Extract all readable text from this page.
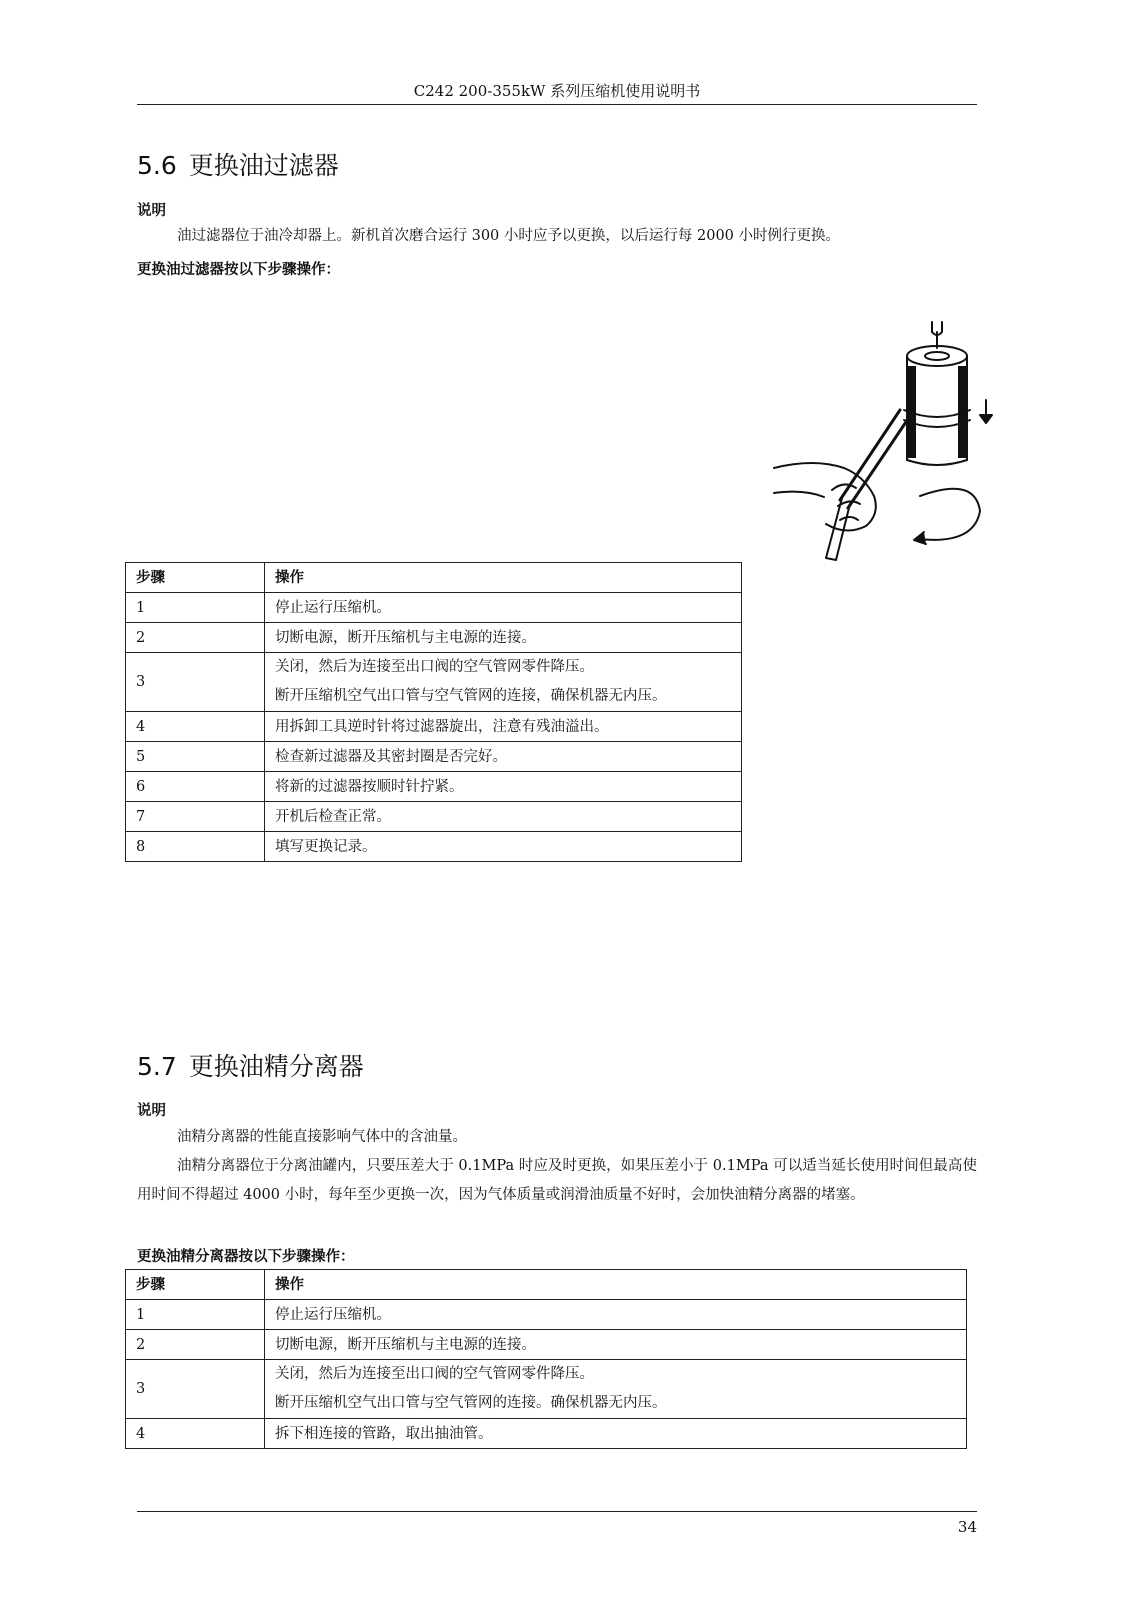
C242 200-355kW 系列压缩机使用说明书
5.6 更换油过滤器
说明
油过滤器位于油冷却器上。新机首次磨合运行 300 小时应予以更换，以后运行每 2000 小时例行更换。
更换油过滤器按以下步骤操作：
步骤	操作
1	停止运行压缩机。
2	切断电源，断开压缩机与主电源的连接。
3	关闭，然后为连接至出口阀的空气管网零件降压。
断开压缩机空气出口管与空气管网的连接，确保机器无内压。

4	用拆卸工具逆时针将过滤器旋出，注意有残油溢出。
5	检查新过滤器及其密封圈是否完好。
6	将新的过滤器按顺时针拧紧。
7	开机后检查正常。
8	填写更换记录。
5.7 更换油精分离器
说明
油精分离器的性能直接影响气体中的含油量。
油精分离器位于分离油罐内，只要压差大于 0.1MPa 时应及时更换，如果压差小于 0.1MPa 可以适当延长使用时间但最高使用时间不得超过 4000 小时，每年至少更换一次，因为气体质量或润滑油质量不好时，会加快油精分离器的堵塞。
更换油精分离器按以下步骤操作：
步骤	操作
1	停止运行压缩机。
2	切断电源，断开压缩机与主电源的连接。
3	关闭，然后为连接至出口阀的空气管网零件降压。
断开压缩机空气出口管与空气管网的连接。确保机器无内压。

4	拆下相连接的管路，取出抽油管。
34
